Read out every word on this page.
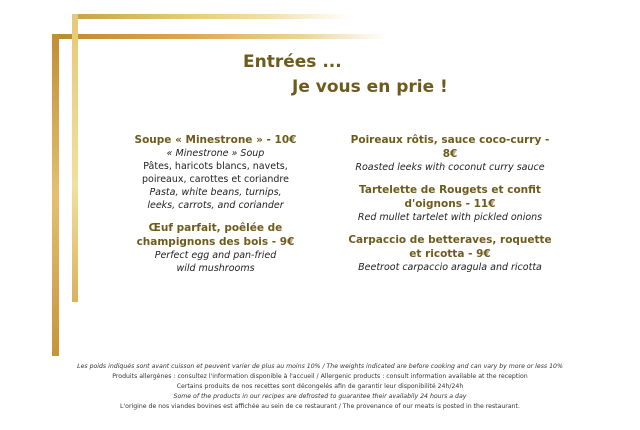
Entrées ...
Je vous en prie !
Soupe « Minestrone » - 10€
« Minestrone » Soup
Pâtes, haricots blancs, navets,
poireaux, carottes et coriandre
Pasta, white beans, turnips,
leeks, carrots, and coriander
Œuf parfait, poêlée de champignons des bois - 9€
Perfect egg and pan-fried
wild mushrooms
Poireaux rôtis, sauce coco-curry - 8€
Roasted leeks with coconut curry sauce
Tartelette de Rougets et confit d'oignons - 11€
Red mullet tartelet with pickled onions
Carpaccio de betteraves, roquette et ricotta - 9€
Beetroot carpaccio aragula and ricotta
Les poids indiqués sont avant cuisson et peuvent varier de plus au moins 10% / The weights indicated are before cooking and can vary by more or less 10%
Produits allergènes : consultez l'information disponible à l'accueil / Allergenic products : consult information available at the reception
Certains produits de nos recettes sont décongelés afin de garantir leur disponibilité 24h/24h
Some of the products in our recipes are defrosted to guarantee their availabily 24 hours a day
L'origine de nos viandes bovines est affichée au sein de ce restaurant / The provenance of our meats is posted in the restaurant.
